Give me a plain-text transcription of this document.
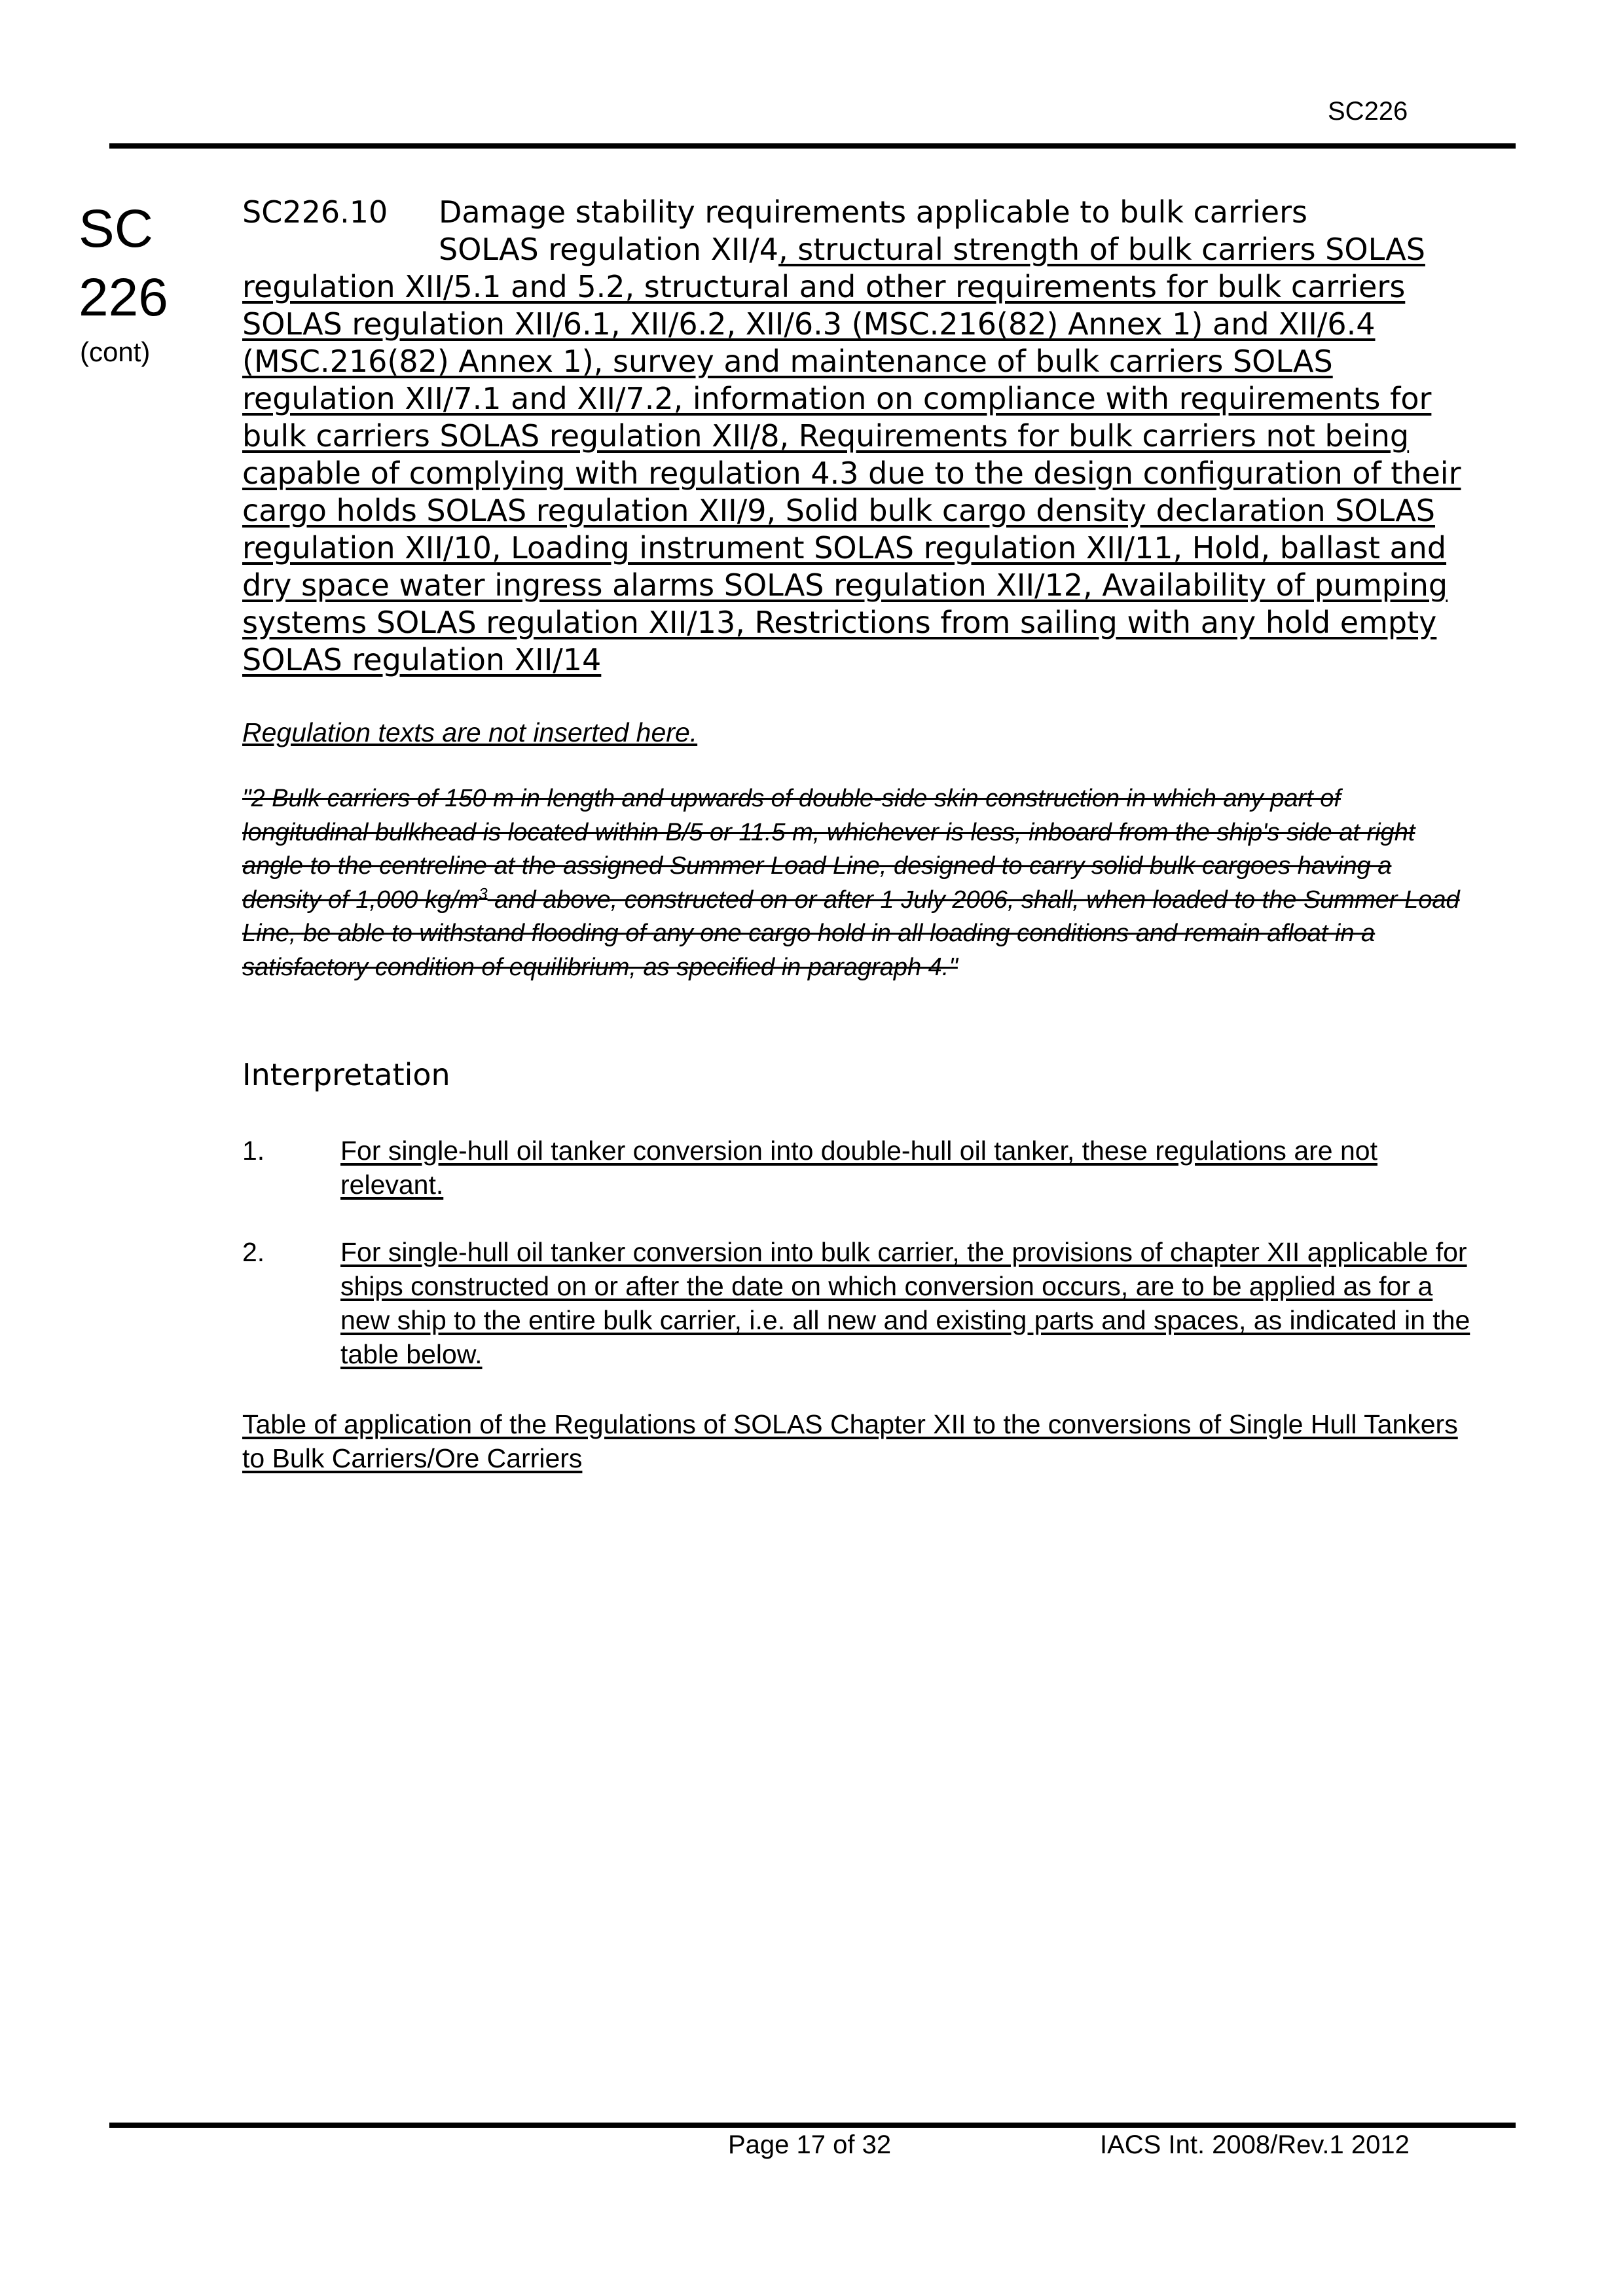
SC226
SC
226
(cont)
SC226.10 Damage stability requirements applicable to bulk carriers
SOLAS regulation XII/4, structural strength of bulk carriers SOLAS
regulation XII/5.1 and 5.2, structural and other requirements for bulk carriers SOLAS regulation XII/6.1, XII/6.2, XII/6.3 (MSC.216(82) Annex 1) and XII/6.4 (MSC.216(82) Annex 1), survey and maintenance of bulk carriers SOLAS regulation XII/7.1 and XII/7.2, information on compliance with requirements for bulk carriers SOLAS regulation XII/8, Requirements for bulk carriers not being capable of complying with regulation 4.3 due to the design configuration of their cargo holds SOLAS regulation XII/9, Solid bulk cargo density declaration SOLAS regulation XII/10, Loading instrument SOLAS regulation XII/11, Hold, ballast and dry space water ingress alarms SOLAS regulation XII/12, Availability of pumping systems SOLAS regulation XII/13, Restrictions from sailing with any hold empty SOLAS regulation XII/14
Regulation texts are not inserted here.
"2 Bulk carriers of 150 m in length and upwards of double-side skin construction in which any part of longitudinal bulkhead is located within B/5 or 11.5 m, whichever is less, inboard from the ship's side at right angle to the centreline at the assigned Summer Load Line, designed to carry solid bulk cargoes having a density of 1,000 $kg/m^3$ and above, constructed on or after 1 July 2006, shall, when loaded to the Summer Load Line, be able to withstand flooding of any one cargo hold in all loading conditions and remain afloat in a satisfactory condition of equilibrium, as specified in paragraph 4."
Interpretation
1.	For single-hull oil tanker conversion into double-hull oil tanker, these regulations are not relevant.
2.	For single-hull oil tanker conversion into bulk carrier, the provisions of chapter XII applicable for ships constructed on or after the date on which conversion occurs, are to be applied as for a new ship to the entire bulk carrier, i.e. all new and existing parts and spaces, as indicated in the table below.
Table of application of the Regulations of SOLAS Chapter XII to the conversions of Single Hull Tankers to Bulk Carriers/Ore Carriers
Page 17 of 32	IACS Int. 2008/Rev.1 2012
